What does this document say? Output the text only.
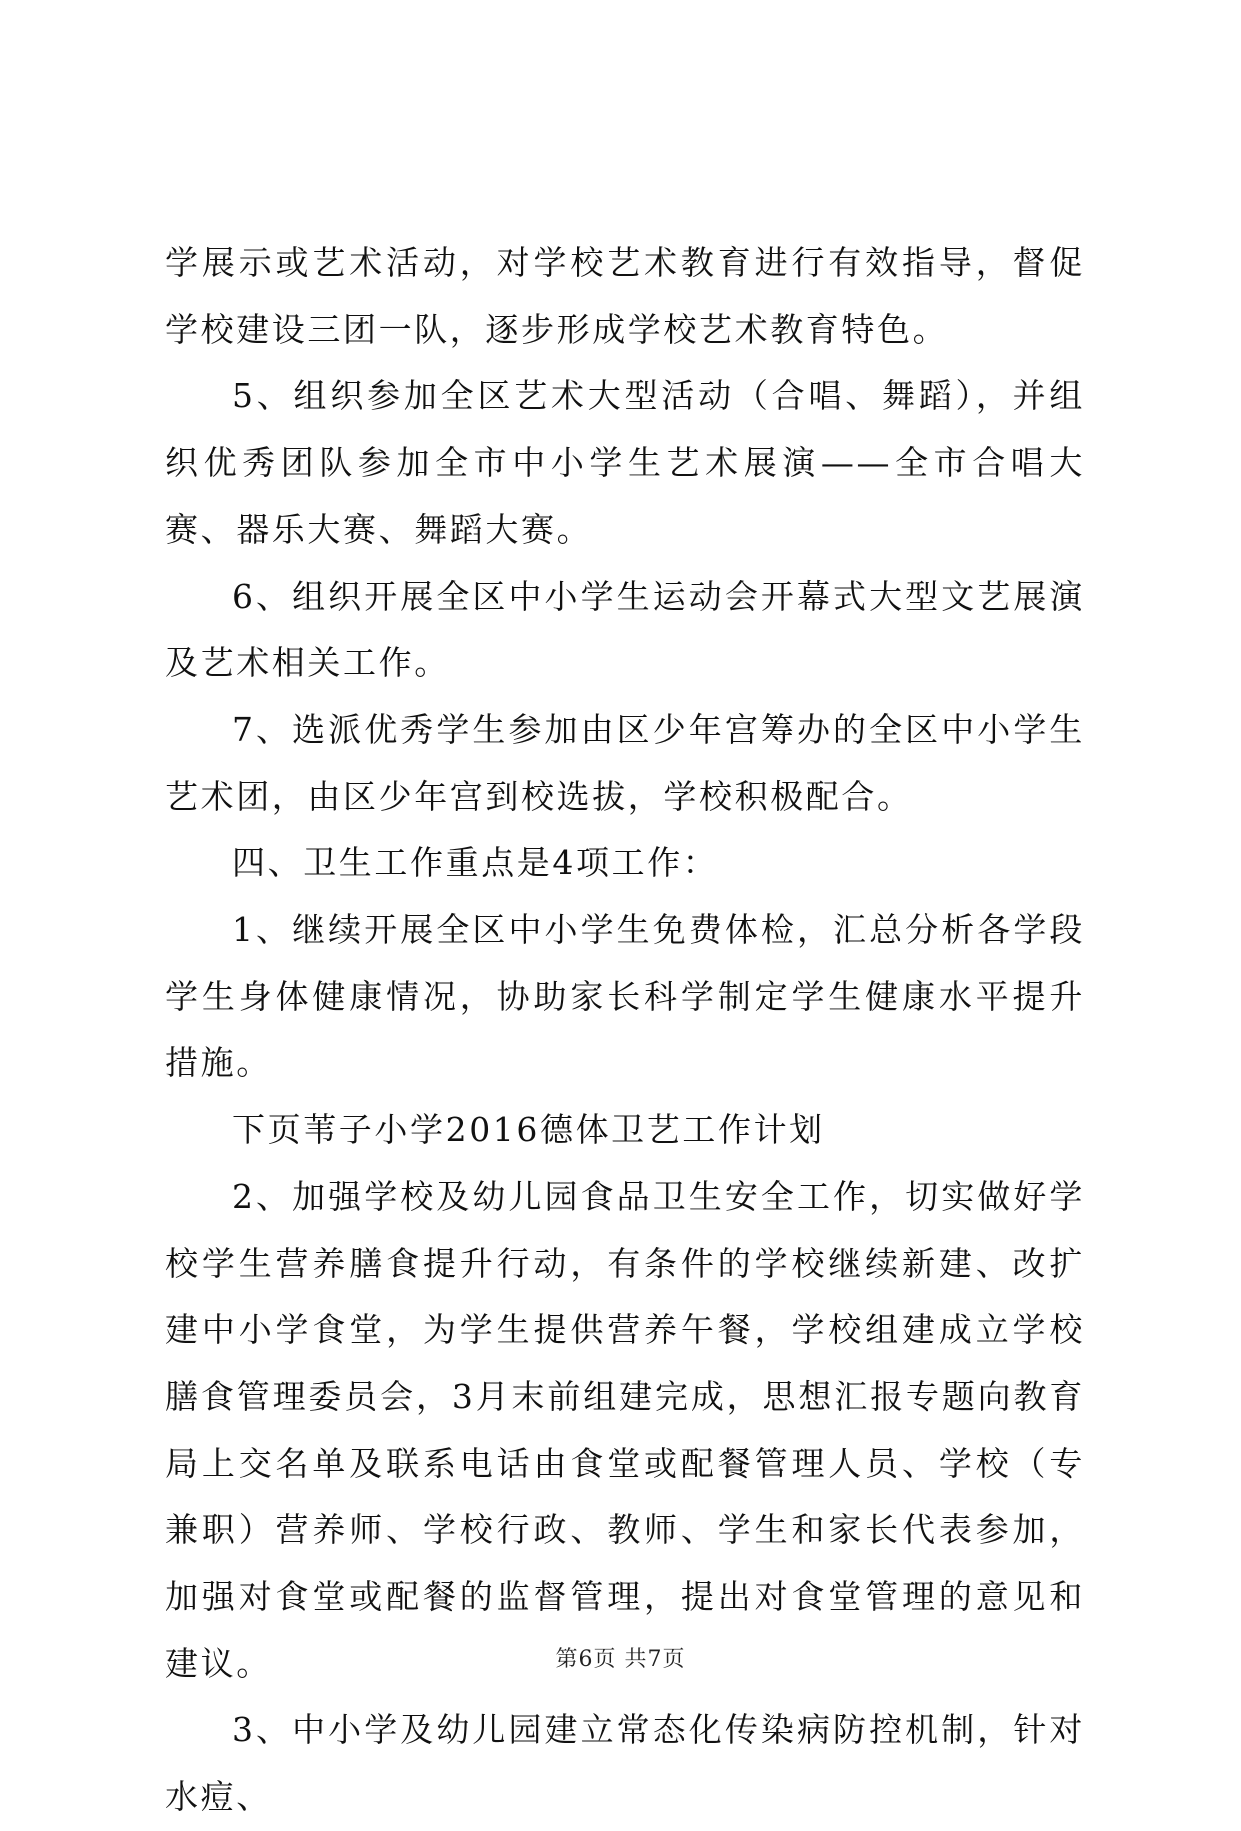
学展示或艺术活动，对学校艺术教育进行有效指导，督促学校建设三团一队，逐步形成学校艺术教育特色。

5、组织参加全区艺术大型活动（合唱、舞蹈），并组织优秀团队参加全市中小学生艺术展演——全市合唱大赛、器乐大赛、舞蹈大赛。

6、组织开展全区中小学生运动会开幕式大型文艺展演及艺术相关工作。

7、选派优秀学生参加由区少年宫筹办的全区中小学生艺术团，由区少年宫到校选拔，学校积极配合。

四、卫生工作重点是4项工作：

1、继续开展全区中小学生免费体检，汇总分析各学段学生身体健康情况，协助家长科学制定学生健康水平提升措施。

下页苇子小学2016德体卫艺工作计划

2、加强学校及幼儿园食品卫生安全工作，切实做好学校学生营养膳食提升行动，有条件的学校继续新建、改扩建中小学食堂，为学生提供营养午餐，学校组建成立学校膳食管理委员会，3月末前组建完成，思想汇报专题向教育局上交名单及联系电话由食堂或配餐管理人员、学校（专兼职）营养师、学校行政、教师、学生和家长代表参加，加强对食堂或配餐的监督管理，提出对食堂管理的意见和建议。

3、中小学及幼儿园建立常态化传染病防控机制，针对水痘、

第6页 共7页
